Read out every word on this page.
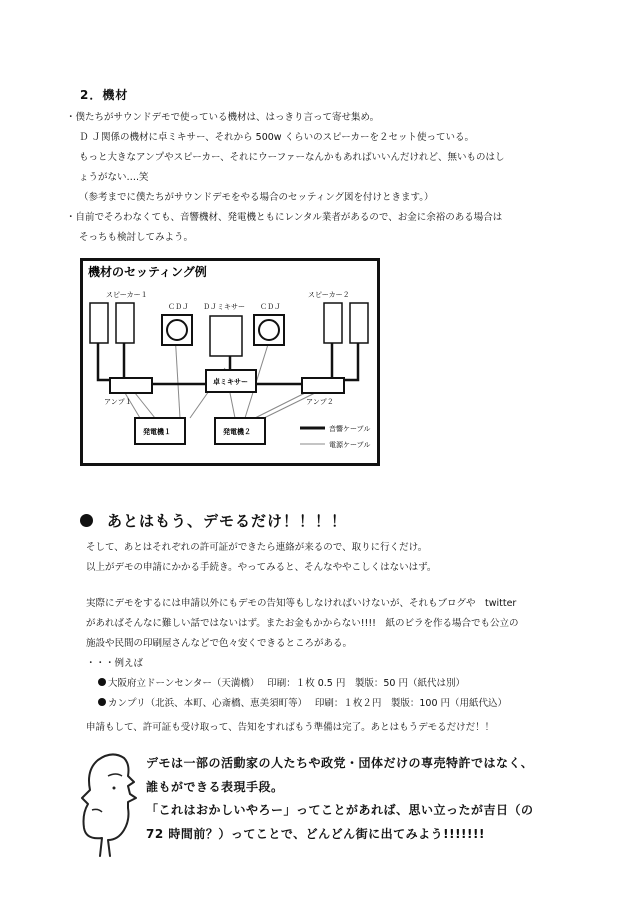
2．機材
・僕たちがサウンドデモで使っている機材は、はっきり言って寄せ集め。
Ｄ Ｊ関係の機材に卓ミキサー、それから 500w くらいのスピーカーを２セット使っている。
もっと大きなアンプやスピーカー、それにウーファーなんかもあればいいんだけれど、無いものはし
ょうがない….笑
（参考までに僕たちがサウンドデモをやる場合のセッティング図を付けときます。）
・自前でそろわなくても、音響機材、発電機ともにレンタル業者があるので、お金に余裕のある場合は
そっちも検討してみよう。
機材のセッティング例
スピーカー１	スピーカー２
ＣＤＪ ＤＪミキサー ＣＤＪ
卓ミキサー
アンプ１	アンプ２
発電機１	発電機２	音響ケーブル
電源ケーブル
あとはもう、デモるだけ！！！！
そして、あとはそれぞれの許可証ができたら連絡が来るので、取りに行くだけ。
以上がデモの申請にかかる手続き。やってみると、そんなややこしくはないはず。
実際にデモをするには申請以外にもデモの告知等もしなければいけないが、それもブログや　twitter
があればそんなに難しい話ではないはず。またお金もかからない!!!!　紙のビラを作る場合でも公立の
施設や民間の印刷屋さんなどで色々安くできるところがある。
・・・例えば
大阪府立ドーンセンター（天満橋）　 印刷：１枚 0.5 円　製版：50 円（紙代は別）
カンプリ（北浜、本町、心斎橋、恵美須町等）　 印刷：１枚２円　製版：100 円（用紙代込）
申請もして、許可証も受け取って、告知をすればもう準備は完了。あとはもうデモるだけだ！！
デモは一部の活動家の人たちや政党・団体だけの専売特許ではなく、
誰もができる表現手段。
「これはおかしいやろー」ってことがあれば、思い立ったが吉日（の
72 時間前？）ってことで、どんどん街に出てみよう!!!!!!!
